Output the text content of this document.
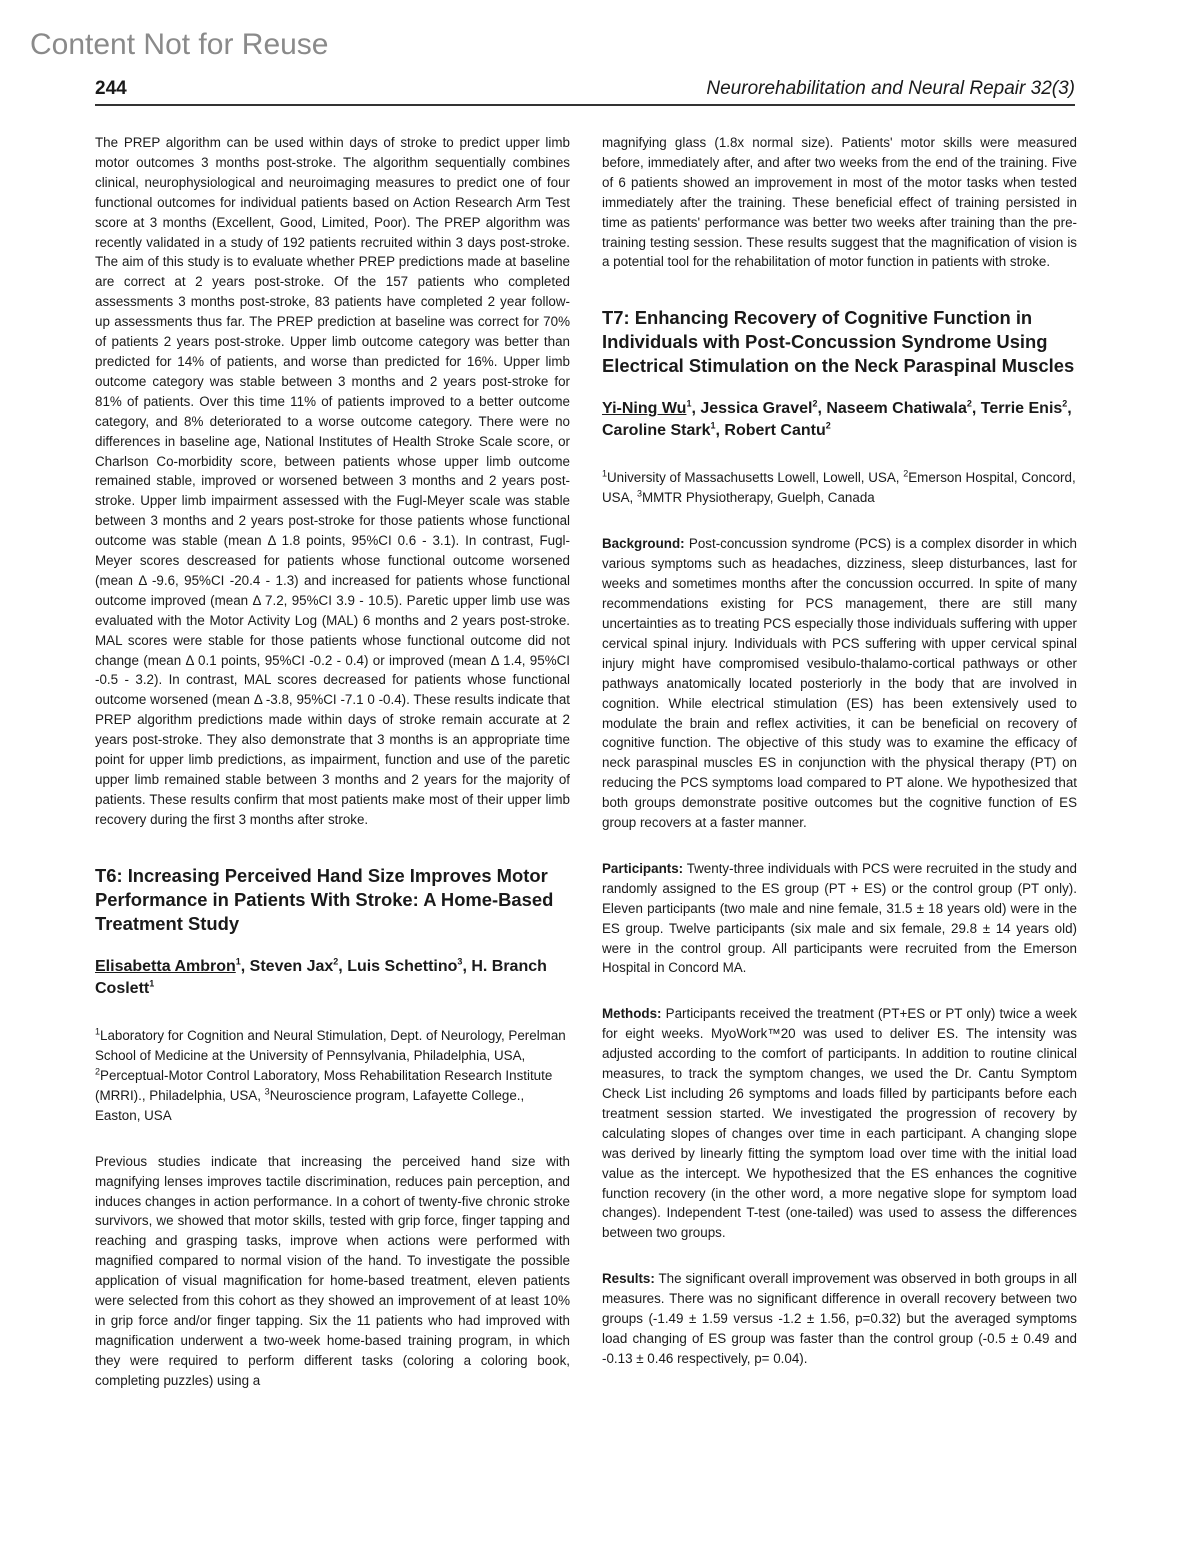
Content Not for Reuse
244	Neurorehabilitation and Neural Repair 32(3)

The PREP algorithm can be used within days of stroke to predict upper limb motor outcomes 3 months post-stroke. The algorithm sequentially combines clinical, neurophysiological and neuroimaging measures to predict one of four functional outcomes for individual patients based on Action Research Arm Test score at 3 months (Excellent, Good, Limited, Poor). The PREP algorithm was recently validated in a study of 192 patients recruited within 3 days post-stroke. The aim of this study is to evaluate whether PREP predictions made at baseline are correct at 2 years post-stroke. Of the 157 patients who completed assessments 3 months post-stroke, 83 patients have completed 2 year follow-up assessments thus far. The PREP prediction at baseline was correct for 70% of patients 2 years post-stroke. Upper limb outcome category was better than predicted for 14% of patients, and worse than predicted for 16%. Upper limb outcome category was stable between 3 months and 2 years post-stroke for 81% of patients. Over this time 11% of patients improved to a better outcome category, and 8% deteriorated to a worse outcome category. There were no differences in baseline age, National Institutes of Health Stroke Scale score, or Charlson Co-morbidity score, between patients whose upper limb outcome remained stable, improved or worsened between 3 months and 2 years post-stroke. Upper limb impairment assessed with the Fugl-Meyer scale was stable between 3 months and 2 years post-stroke for those patients whose functional outcome was stable (mean Δ 1.8 points, 95%CI 0.6 - 3.1). In contrast, Fugl-Meyer scores descreased for patients whose functional outcome worsened (mean Δ -9.6, 95%CI -20.4 - 1.3) and increased for patients whose functional outcome improved (mean Δ 7.2, 95%CI 3.9 - 10.5). Paretic upper limb use was evaluated with the Motor Activity Log (MAL) 6 months and 2 years post-stroke. MAL scores were stable for those patients whose functional outcome did not change (mean Δ 0.1 points, 95%CI -0.2 - 0.4) or improved (mean Δ 1.4, 95%CI -0.5 - 3.2). In contrast, MAL scores decreased for patients whose functional outcome worsened (mean Δ -3.8, 95%CI -7.1 0 -0.4). These results indicate that PREP algorithm predictions made within days of stroke remain accurate at 2 years post-stroke. They also demonstrate that 3 months is an appropriate time point for upper limb predictions, as impairment, function and use of the paretic upper limb remained stable between 3 months and 2 years for the majority of patients. These results confirm that most patients make most of their upper limb recovery during the first 3 months after stroke.

T6: Increasing Perceived Hand Size Improves Motor Performance in Patients With Stroke: A Home-Based Treatment Study

Elisabetta Ambron$^1$, Steven Jax$^2$, Luis Schettino$^3$, H. Branch Coslett$^1$

$^1$Laboratory for Cognition and Neural Stimulation, Dept. of Neurology, Perelman School of Medicine at the University of Pennsylvania, Philadelphia, USA, $^2$Perceptual-Motor Control Laboratory, Moss Rehabilitation Research Institute (MRRI)., Philadelphia, USA, $^3$Neuroscience program, Lafayette College., Easton, USA

Previous studies indicate that increasing the perceived hand size with magnifying lenses improves tactile discrimination, reduces pain perception, and induces changes in action performance. In a cohort of twenty-five chronic stroke survivors, we showed that motor skills, tested with grip force, finger tapping and reaching and grasping tasks, improve when actions were performed with magnified compared to normal vision of the hand. To investigate the possible application of visual magnification for home-based treatment, eleven patients were selected from this cohort as they showed an improvement of at least 10% in grip force and/or finger tapping. Six the 11 patients who had improved with magnification underwent a two-week home-based training program, in which they were required to perform different tasks (coloring a coloring book, completing puzzles) using a

magnifying glass (1.8x normal size). Patients' motor skills were measured before, immediately after, and after two weeks from the end of the training. Five of 6 patients showed an improvement in most of the motor tasks when tested immediately after the training. These beneficial effect of training persisted in time as patients' performance was better two weeks after training than the pre-training testing session. These results suggest that the magnification of vision is a potential tool for the rehabilitation of motor function in patients with stroke.

T7: Enhancing Recovery of Cognitive Function in Individuals with Post-Concussion Syndrome Using Electrical Stimulation on the Neck Paraspinal Muscles

Yi-Ning Wu$^1$, Jessica Gravel$^2$, Naseem Chatiwala$^2$, Terrie Enis$^2$, Caroline Stark$^1$, Robert Cantu$^2$

$^1$University of Massachusetts Lowell, Lowell, USA, $^2$Emerson Hospital, Concord, USA, $^3$MMTR Physiotherapy, Guelph, Canada

Background: Post-concussion syndrome (PCS) is a complex disorder in which various symptoms such as headaches, dizziness, sleep disturbances, last for weeks and sometimes months after the concussion occurred. In spite of many recommendations existing for PCS management, there are still many uncertainties as to treating PCS especially those individuals suffering with upper cervical spinal injury. Individuals with PCS suffering with upper cervical spinal injury might have compromised vesibulo-thalamo-cortical pathways or other pathways anatomically located posteriorly in the body that are involved in cognition. While electrical stimulation (ES) has been extensively used to modulate the brain and reflex activities, it can be beneficial on recovery of cognitive function. The objective of this study was to examine the efficacy of neck paraspinal muscles ES in conjunction with the physical therapy (PT) on reducing the PCS symptoms load compared to PT alone. We hypothesized that both groups demonstrate positive outcomes but the cognitive function of ES group recovers at a faster manner.

Participants: Twenty-three individuals with PCS were recruited in the study and randomly assigned to the ES group (PT + ES) or the control group (PT only). Eleven participants (two male and nine female, 31.5 ± 18 years old) were in the ES group. Twelve participants (six male and six female, 29.8 ± 14 years old) were in the control group. All participants were recruited from the Emerson Hospital in Concord MA.

Methods: Participants received the treatment (PT+ES or PT only) twice a week for eight weeks. MyoWork™20 was used to deliver ES. The intensity was adjusted according to the comfort of participants. In addition to routine clinical measures, to track the symptom changes, we used the Dr. Cantu Symptom Check List including 26 symptoms and loads filled by participants before each treatment session started. We investigated the progression of recovery by calculating slopes of changes over time in each participant. A changing slope was derived by linearly fitting the symptom load over time with the initial load value as the intercept. We hypothesized that the ES enhances the cognitive function recovery (in the other word, a more negative slope for symptom load changes). Independent T-test (one-tailed) was used to assess the differences between two groups.

Results: The significant overall improvement was observed in both groups in all measures. There was no significant difference in overall recovery between two groups (-1.49 ± 1.59 versus -1.2 ± 1.56, p=0.32) but the averaged symptoms load changing of ES group was faster than the control group (-0.5 ± 0.49 and -0.13 ± 0.46 respectively, p= 0.04).
